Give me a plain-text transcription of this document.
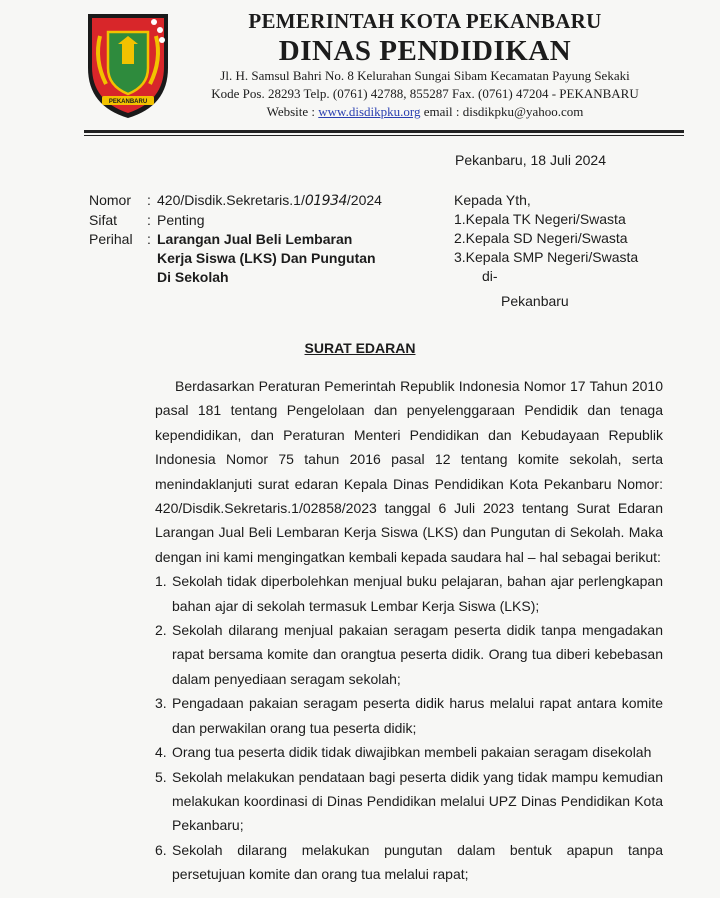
PEKANBARU
PEMERINTAH KOTA PEKANBARU
DINAS PENDIDIKAN
Jl. H. Samsul Bahri No. 8 Kelurahan Sungai Sibam Kecamatan Payung Sekaki
Kode Pos. 28293 Telp. (0761) 42788, 855287 Fax. (0761) 47204 - PEKANBARU
Website : www.disdikpku.org email : disdikpku@yahoo.com
Pekanbaru, 18 Juli 2024
Nomor	: 420/Disdik.Sekretaris.1/01934/2024
Sifat	: Penting
Perihal	: Larangan Jual Beli Lembaran
Kerja Siswa (LKS) Dan Pungutan
Di Sekolah
Kepada Yth,
1.Kepala TK Negeri/Swasta
2.Kepala SD Negeri/Swasta
3.Kepala SMP Negeri/Swasta
di-
Pekanbaru
SURAT EDARAN

Berdasarkan Peraturan Pemerintah Republik Indonesia Nomor 17 Tahun 2010 pasal 181 tentang Pengelolaan dan penyelenggaraan Pendidik dan tenaga kependidikan, dan Peraturan Menteri Pendidikan dan Kebudayaan Republik Indonesia Nomor 75 tahun 2016 pasal 12 tentang komite sekolah, serta menindaklanjuti surat edaran Kepala Dinas Pendidikan Kota Pekanbaru Nomor: 420/Disdik.Sekretaris.1/02858/2023 tanggal 6 Juli 2023 tentang Surat Edaran Larangan Jual Beli Lembaran Kerja Siswa (LKS) dan Pungutan di Sekolah. Maka dengan ini kami mengingatkan kembali kepada saudara hal – hal sebagai berikut:

1. Sekolah tidak diperbolehkan menjual buku pelajaran, bahan ajar perlengkapan bahan ajar di sekolah termasuk Lembar Kerja Siswa (LKS);
2. Sekolah dilarang menjual pakaian seragam peserta didik tanpa mengadakan rapat bersama komite dan orangtua peserta didik. Orang tua diberi kebebasan dalam penyediaan seragam sekolah;
3. Pengadaan pakaian seragam peserta didik harus melalui rapat antara komite dan perwakilan orang tua peserta didik;
4. Orang tua peserta didik tidak diwajibkan membeli pakaian seragam disekolah
5. Sekolah melakukan pendataan bagi peserta didik yang tidak mampu kemudian melakukan koordinasi di Dinas Pendidikan melalui UPZ Dinas Pendidikan Kota Pekanbaru;
6. Sekolah dilarang melakukan pungutan dalam bentuk apapun tanpa persetujuan komite dan orang tua melalui rapat;
